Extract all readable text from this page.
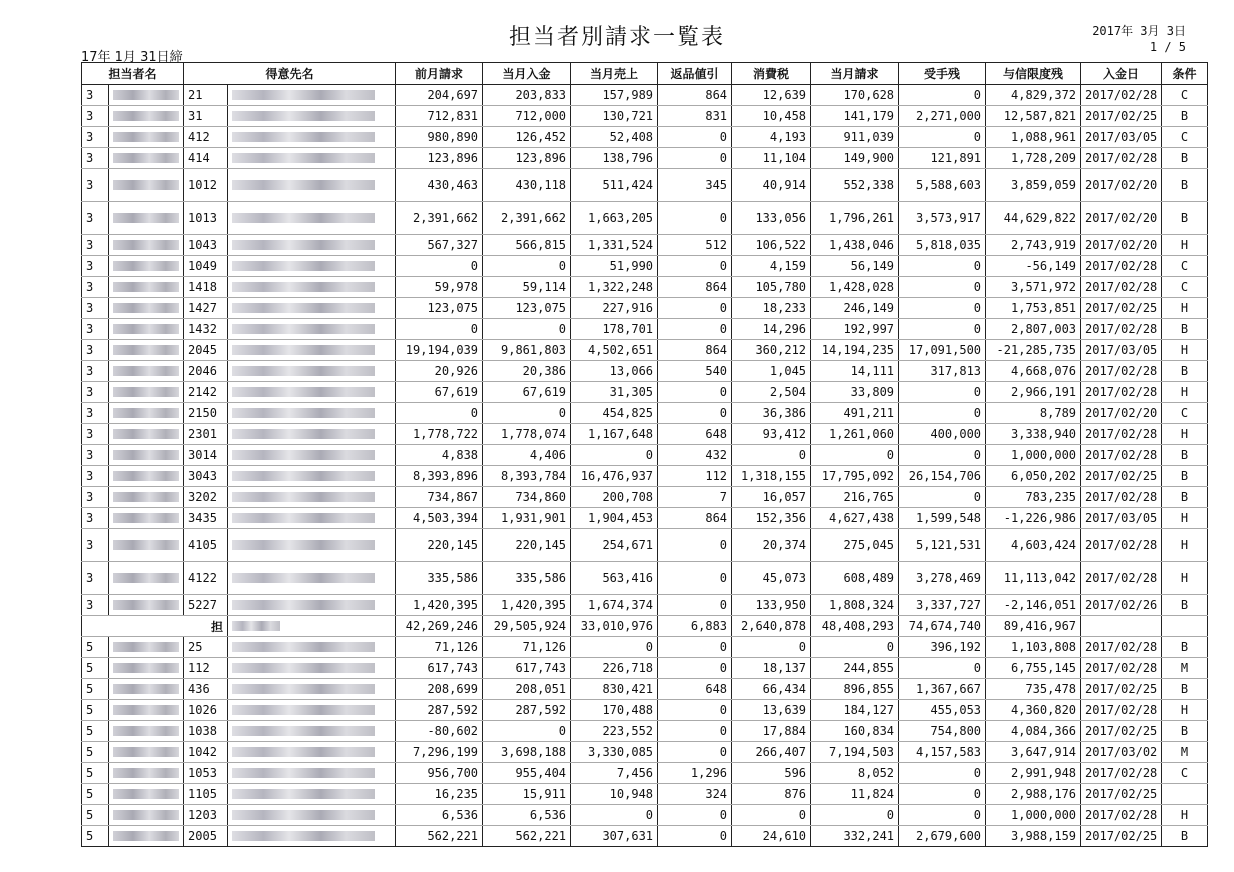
担当者別請求一覧表	2017年 3月 3日
1 / 5
17年 1月 31日締
担当者名		得意先名		前月請求	当月入金	当月売上	返品値引	消費税	当月請求	受手残	与信限度残	入金日	条件
3		21		204,697	203,833	157,989	864	12,639	170,628	0	4,829,372	2017/02/28	C
3		31		712,831	712,000	130,721	831	10,458	141,179	2,271,000	12,587,821	2017/02/25	B
3		412		980,890	126,452	52,408	0	4,193	911,039	0	1,088,961	2017/03/05	C
3		414		123,896	123,896	138,796	0	11,104	149,900	121,891	1,728,209	2017/02/28	B
3		1012		430,463	430,118	511,424	345	40,914	552,338	5,588,603	3,859,059	2017/02/20	B
3		1013		2,391,662	2,391,662	1,663,205	0	133,056	1,796,261	3,573,917	44,629,822	2017/02/20	B
3		1043		567,327	566,815	1,331,524	512	106,522	1,438,046	5,818,035	2,743,919	2017/02/20	H
3		1049		0	0	51,990	0	4,159	56,149	0	-56,149	2017/02/28	C
3		1418		59,978	59,114	1,322,248	864	105,780	1,428,028	0	3,571,972	2017/02/28	C
3		1427		123,075	123,075	227,916	0	18,233	246,149	0	1,753,851	2017/02/25	H
3		1432		0	0	178,701	0	14,296	192,997	0	2,807,003	2017/02/28	B
3		2045		19,194,039	9,861,803	4,502,651	864	360,212	14,194,235	17,091,500	-21,285,735	2017/03/05	H
3		2046		20,926	20,386	13,066	540	1,045	14,111	317,813	4,668,076	2017/02/28	B
3		2142		67,619	67,619	31,305	0	2,504	33,809	0	2,966,191	2017/02/28	H
3		2150		0	0	454,825	0	36,386	491,211	0	8,789	2017/02/20	C
3		2301		1,778,722	1,778,074	1,167,648	648	93,412	1,261,060	400,000	3,338,940	2017/02/28	H
3		3014		4,838	4,406	0	432	0	0	0	1,000,000	2017/02/28	B
3		3043		8,393,896	8,393,784	16,476,937	112	1,318,155	17,795,092	26,154,706	6,050,202	2017/02/25	B
3		3202		734,867	734,860	200,708	7	16,057	216,765	0	783,235	2017/02/28	B
3		3435		4,503,394	1,931,901	1,904,453	864	152,356	4,627,438	1,599,548	-1,226,986	2017/03/05	H
3		4105		220,145	220,145	254,671	0	20,374	275,045	5,121,531	4,603,424	2017/02/28	H
3		4122		335,586	335,586	563,416	0	45,073	608,489	3,278,469	11,113,042	2017/02/28	H
3		5227		1,420,395	1,420,395	1,674,374	0	133,950	1,808,324	3,337,727	-2,146,051	2017/02/26	B
担				42,269,246	29,505,924	33,010,976	6,883	2,640,878	48,408,293	74,674,740	89,416,967		
5		25		71,126	71,126	0	0	0	0	396,192	1,103,808	2017/02/28	B
5		112		617,743	617,743	226,718	0	18,137	244,855	0	6,755,145	2017/02/28	M
5		436		208,699	208,051	830,421	648	66,434	896,855	1,367,667	735,478	2017/02/25	B
5		1026		287,592	287,592	170,488	0	13,639	184,127	455,053	4,360,820	2017/02/28	H
5		1038		-80,602	0	223,552	0	17,884	160,834	754,800	4,084,366	2017/02/25	B
5		1042		7,296,199	3,698,188	3,330,085	0	266,407	7,194,503	4,157,583	3,647,914	2017/03/02	M
5		1053		956,700	955,404	7,456	1,296	596	8,052	0	2,991,948	2017/02/28	C
5		1105		16,235	15,911	10,948	324	876	11,824	0	2,988,176	2017/02/25	
5		1203		6,536	6,536	0	0	0	0	0	1,000,000	2017/02/28	H
5		2005		562,221	562,221	307,631	0	24,610	332,241	2,679,600	3,988,159	2017/02/25	B
